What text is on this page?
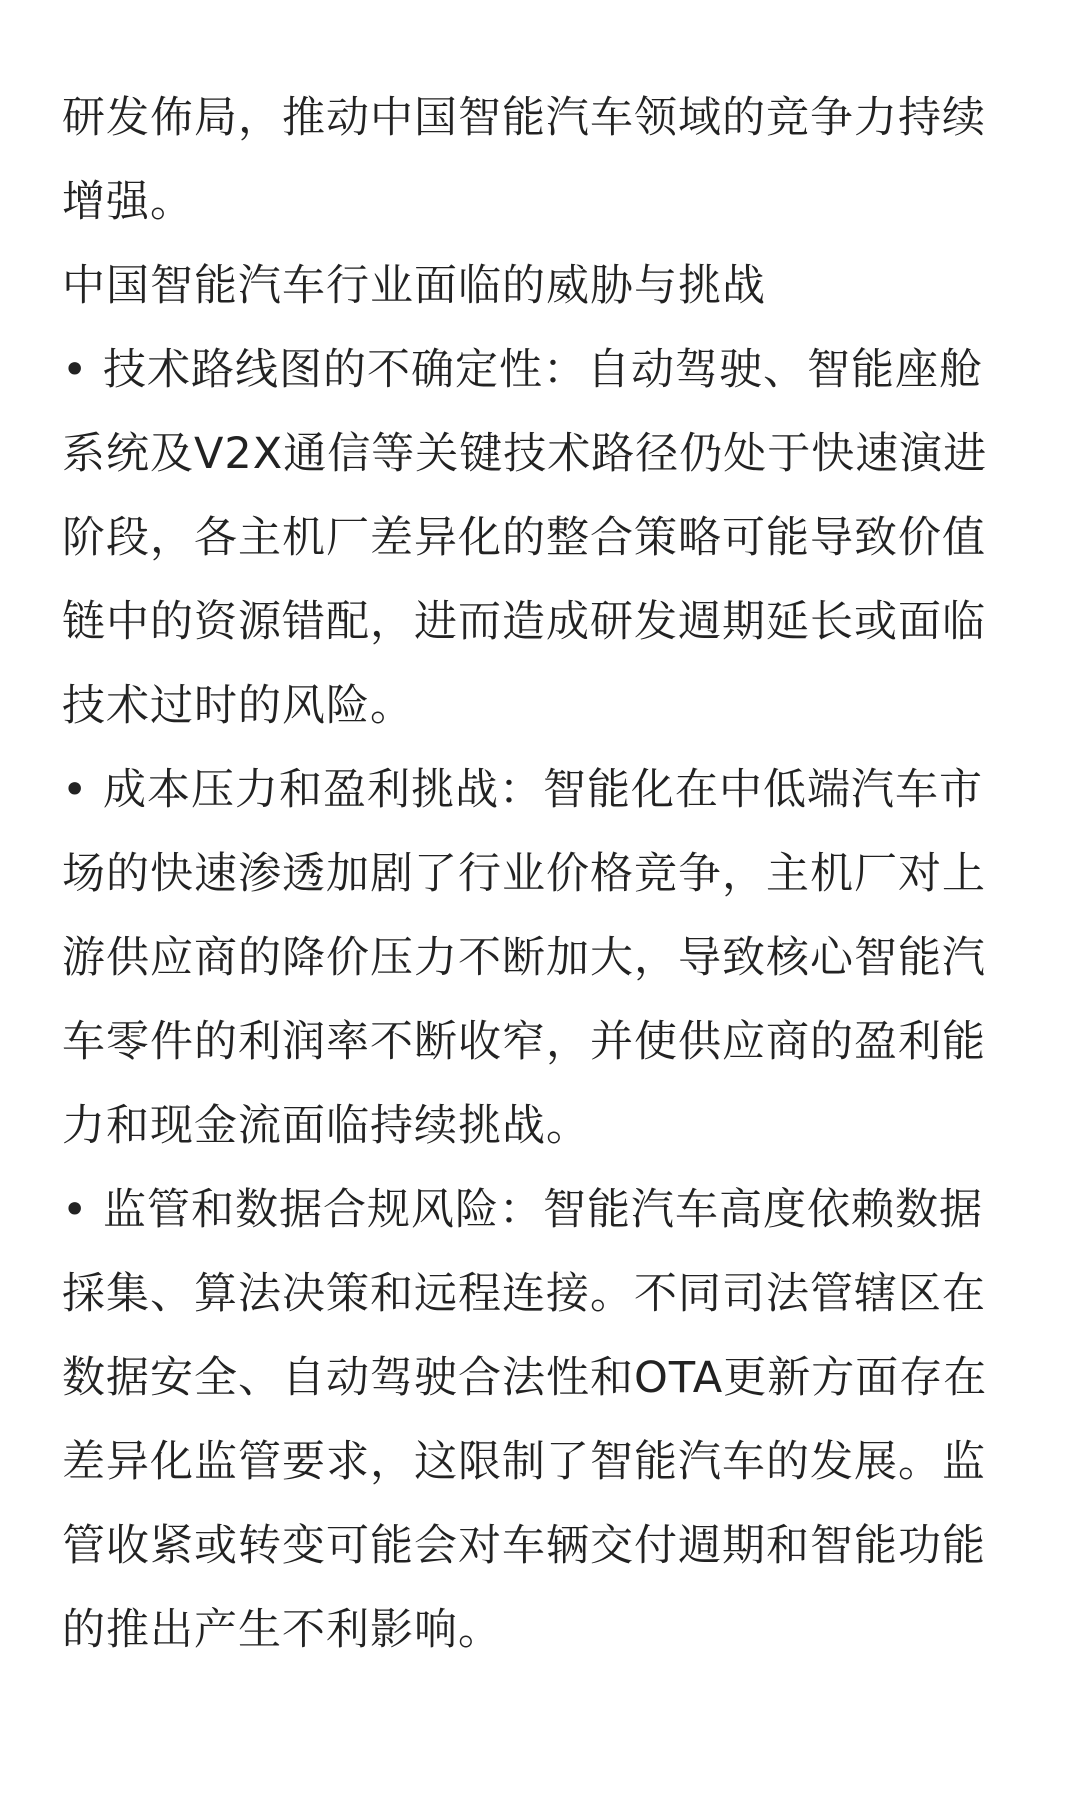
研发佈局，推动中国智能汽车领域的竞争力持续增强。

中国智能汽车行业面临的威胁与挑战

• 技术路线图的不确定性：自动驾驶、智能座舱系统及V2X通信等关键技术路径仍处于快速演进阶段，各主机厂差异化的整合策略可能导致价值链中的资源错配，进而造成研发週期延长或面临技术过时的风险。

• 成本压力和盈利挑战：智能化在中低端汽车市场的快速渗透加剧了行业价格竞争，主机厂对上游供应商的降价压力不断加大，导致核心智能汽车零件的利润率不断收窄，并使供应商的盈利能力和现金流面临持续挑战。

• 监管和数据合规风险：智能汽车高度依赖数据採集、算法决策和远程连接。不同司法管辖区在数据安全、自动驾驶合法性和OTA更新方面存在差异化监管要求，这限制了智能汽车的发展。监管收紧或转变可能会对车辆交付週期和智能功能的推出产生不利影响。
